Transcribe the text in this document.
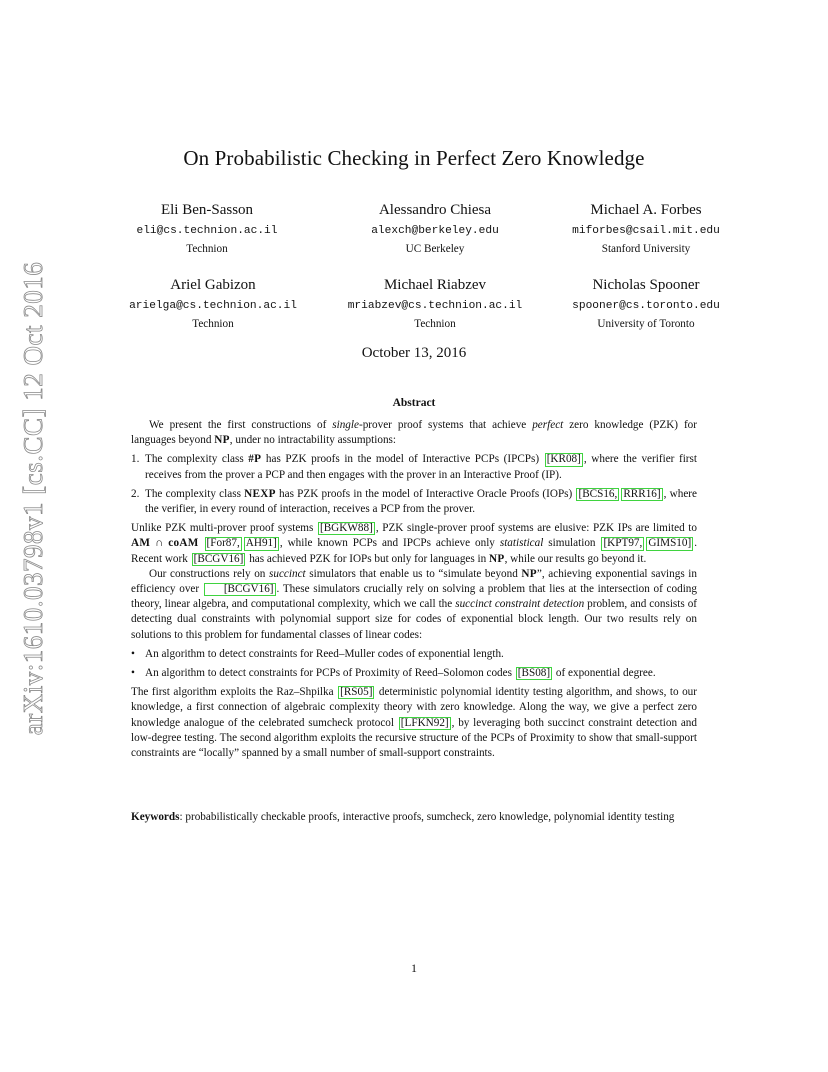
arXiv:1610.03798v1 [cs.CC] 12 Oct 2016
On Probabilistic Checking in Perfect Zero Knowledge
Eli Ben-Sasson
eli@cs.technion.ac.il
Technion
Alessandro Chiesa
alexch@berkeley.edu
UC Berkeley
Michael A. Forbes
miforbes@csail.mit.edu
Stanford University
Ariel Gabizon
arielga@cs.technion.ac.il
Technion
Michael Riabzev
mriabzev@cs.technion.ac.il
Technion
Nicholas Spooner
spooner@cs.toronto.edu
University of Toronto
October 13, 2016
Abstract

We present the first constructions of single-prover proof systems that achieve perfect zero knowledge (PZK) for languages beyond NP, under no intractability assumptions:

1. The complexity class #P has PZK proofs in the model of Interactive PCPs (IPCPs) [KR08] , where the verifier first receives from the prover a PCP and then engages with the prover in an Interactive Proof (IP).
2. The complexity class NEXP has PZK proofs in the model of Interactive Oracle Proofs (IOPs) [BCS16, RRR16] , where the verifier, in every round of interaction, receives a PCP from the prover.

Unlike PZK multi-prover proof systems [BGKW88] , PZK single-prover proof systems are elusive: PZK IPs are limited to AM ∩ coAM [For87, AH91] , while known PCPs and IPCPs achieve only statistical simulation [KPT97, GIMS10] . Recent work [BCGV16] has achieved PZK for IOPs but only for languages in NP, while our results go beyond it.

Our constructions rely on succinct simulators that enable us to “simulate beyond NP”, achieving exponential savings in efficiency over [BCGV16] . These simulators crucially rely on solving a problem that lies at the intersection of coding theory, linear algebra, and computational complexity, which we call the succinct constraint detection problem, and consists of detecting dual constraints with polynomial support size for codes of exponential block length. Our two results rely on solutions to this problem for fundamental classes of linear codes:

• An algorithm to detect constraints for Reed–Muller codes of exponential length.
• An algorithm to detect constraints for PCPs of Proximity of Reed–Solomon codes [BS08] of exponential degree.

The first algorithm exploits the Raz–Shpilka [RS05] deterministic polynomial identity testing algorithm, and shows, to our knowledge, a first connection of algebraic complexity theory with zero knowledge. Along the way, we give a perfect zero knowledge analogue of the celebrated sumcheck protocol [LFKN92] , by leveraging both succinct constraint detection and low-degree testing. The second algorithm exploits the recursive structure of the PCPs of Proximity to show that small-support constraints are “locally” spanned by a small number of small-support constraints.

Keywords: probabilistically checkable proofs, interactive proofs, sumcheck, zero knowledge, polynomial identity testing
1
